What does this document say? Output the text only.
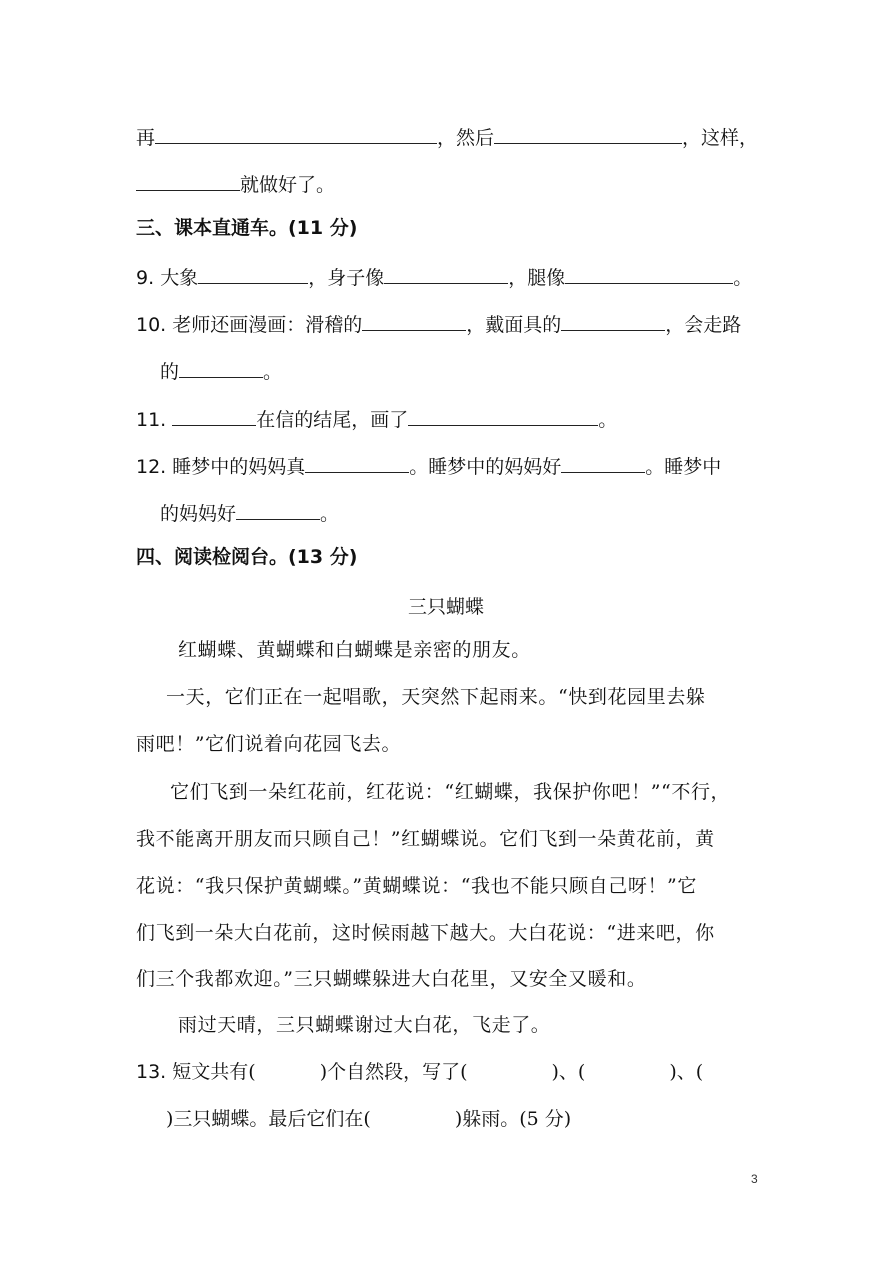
再	，然后	，这样，
就做好了。
三、课本直通车。(11 分)
9. 大象	，身子像	，腿像	。
10. 老师还画漫画：滑稽的	，戴面具的	，会走路
的	。
11.	在信的结尾，画了	。
12. 睡梦中的妈妈真	。睡梦中的妈妈好	。睡梦中
的妈妈好	。
四、阅读检阅台。(13 分)
三只蝴蝶
红蝴蝶、黄蝴蝶和白蝴蝶是亲密的朋友。
一天，它们正在一起唱歌，天突然下起雨来。“快到花园里去躲
雨吧！”它们说着向花园飞去。
它们飞到一朵红花前，红花说：“红蝴蝶，我保护你吧！”“不行，
我不能离开朋友而只顾自己！”红蝴蝶说。它们飞到一朵黄花前，黄
花说：“我只保护黄蝴蝶。”黄蝴蝶说：“我也不能只顾自己呀！”它
们飞到一朵大白花前，这时候雨越下越大。大白花说：“进来吧，你
们三个我都欢迎。”三只蝴蝶躲进大白花里，又安全又暖和。
雨过天晴，三只蝴蝶谢过大白花，飞走了。
13. 短文共有(	)个自然段，写了(	)、(	)、(
)三只蝴蝶。最后它们在(	)躲雨。(5 分)
3
